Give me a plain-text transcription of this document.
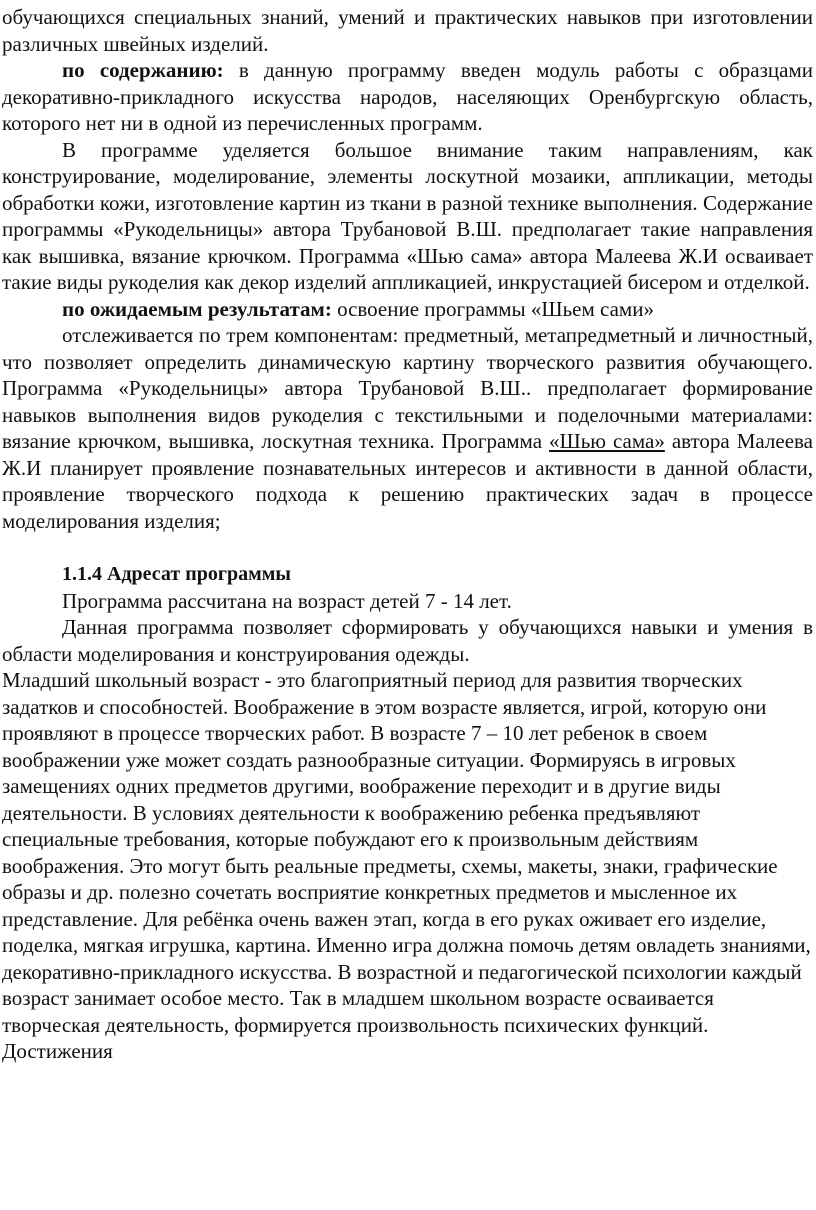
обучающихся специальных знаний, умений и практических навыков при изготовлении различных швейных изделий.

по содержанию: в данную программу введен модуль работы с образцами декоративно-прикладного искусства народов, населяющих Оренбургскую область, которого нет ни в одной из перечисленных программ.

В программе уделяется большое внимание таким направлениям, как конструирование, моделирование, элементы лоскутной мозаики, аппликации, методы обработки кожи, изготовление картин из ткани в разной технике выполнения. Содержание программы «Рукодельницы» автора Трубановой В.Ш. предполагает такие направления как вышивка, вязание крючком. Программа «Шью сама» автора Малеева Ж.И осваивает такие виды рукоделия как декор изделий аппликацией, инкрустацией бисером и отделкой.

по ожидаемым результатам: освоение программы «Шьем сами»

отслеживается по трем компонентам: предметный, метапредметный и личностный, что позволяет определить динамическую картину творческого развития обучающего. Программа «Рукодельницы» автора Трубановой В.Ш.. предполагает формирование навыков выполнения видов рукоделия с текстильными и поделочными материалами: вязание крючком, вышивка, лоскутная техника. Программа «Шью сама» автора Малеева Ж.И планирует проявление познавательных интересов и активности в данной области, проявление творческого подхода к решению практических задач в процессе моделирования изделия;

1.1.4 Адресат программы

Программа рассчитана на возраст детей 7 - 14 лет.

Данная программа позволяет сформировать у обучающихся навыки и умения в области моделирования и конструирования одежды.

Младший школьный возраст - это благоприятный период для развития творческих задатков и способностей. Воображение в этом возрасте является, игрой, которую они проявляют в процессе творческих работ. В возрасте 7 – 10 лет ребенок в своем воображении уже может создать разнообразные ситуации. Формируясь в игровых замещениях одних предметов другими, воображение переходит и в другие виды деятельности. В условиях деятельности к воображению ребенка предъявляют специальные требования, которые побуждают его к произвольным действиям воображения. Это могут быть реальные предметы, схемы, макеты, знаки, графические образы и др. полезно сочетать восприятие конкретных предметов и мысленное их представление. Для ребёнка очень важен этап, когда в его руках оживает его изделие, поделка, мягкая игрушка, картина. Именно игра должна помочь детям овладеть знаниями, декоративно-прикладного искусства. В возрастной и педагогической психологии каждый возраст занимает особое место. Так в младшем школьном возрасте осваивается творческая деятельность, формируется произвольность психических функций. Достижения
